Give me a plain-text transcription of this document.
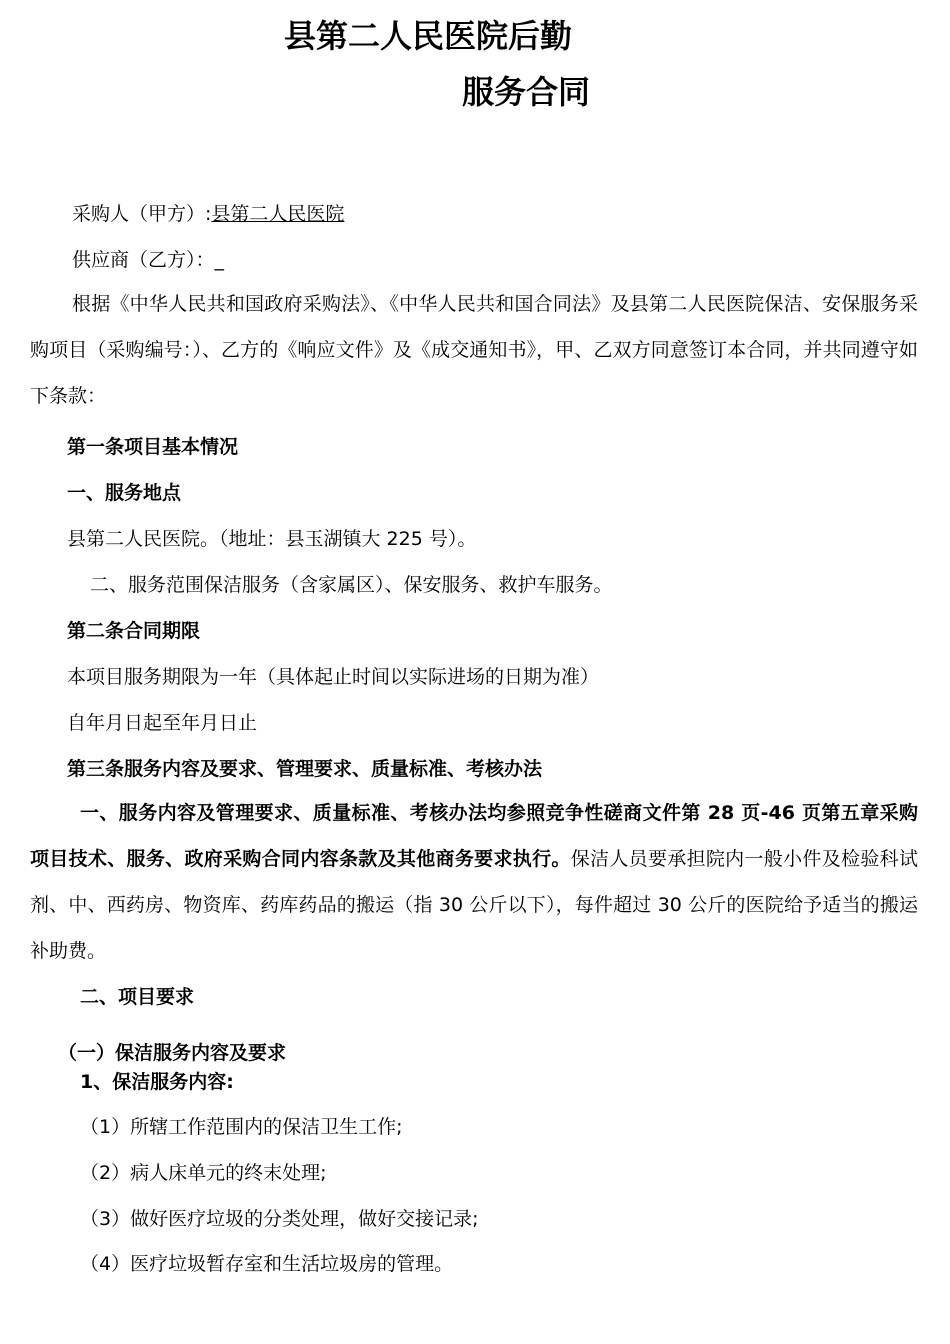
县第二人民医院后勤
服务合同
采购人（甲方）:县第二人民医院
供应商（乙方）：_
根据《中华人民共和国政府采购法》、《中华人民共和国合同法》及县第二人民医院保洁、安保服务采购项目（采购编号：）、乙方的《响应文件》及《成交通知书》，甲、乙双方同意签订本合同，并共同遵守如下条款：
第一条项目基本情况
一、服务地点
县第二人民医院。（地址：县玉湖镇大 225 号）。
二、服务范围保洁服务（含家属区）、保安服务、救护车服务。
第二条合同期限
本项目服务期限为一年（具体起止时间以实际进场的日期为准）
自年月日起至年月日止
第三条服务内容及要求、管理要求、质量标准、考核办法
一、服务内容及管理要求、质量标准、考核办法均参照竞争性磋商文件第 28 页-46 页第五章采购项目技术、服务、政府采购合同内容条款及其他商务要求执行。保洁人员要承担院内一般小件及检验科试剂、中、西药房、物资库、药库药品的搬运（指 30 公斤以下），每件超过 30 公斤的医院给予适当的搬运补助费。
二、项目要求
（一）保洁服务内容及要求
1、保洁服务内容:
（1）所辖工作范围内的保洁卫生工作;
（2）病人床单元的终末处理;
（3）做好医疗垃圾的分类处理，做好交接记录;
（4）医疗垃圾暂存室和生活垃圾房的管理。
